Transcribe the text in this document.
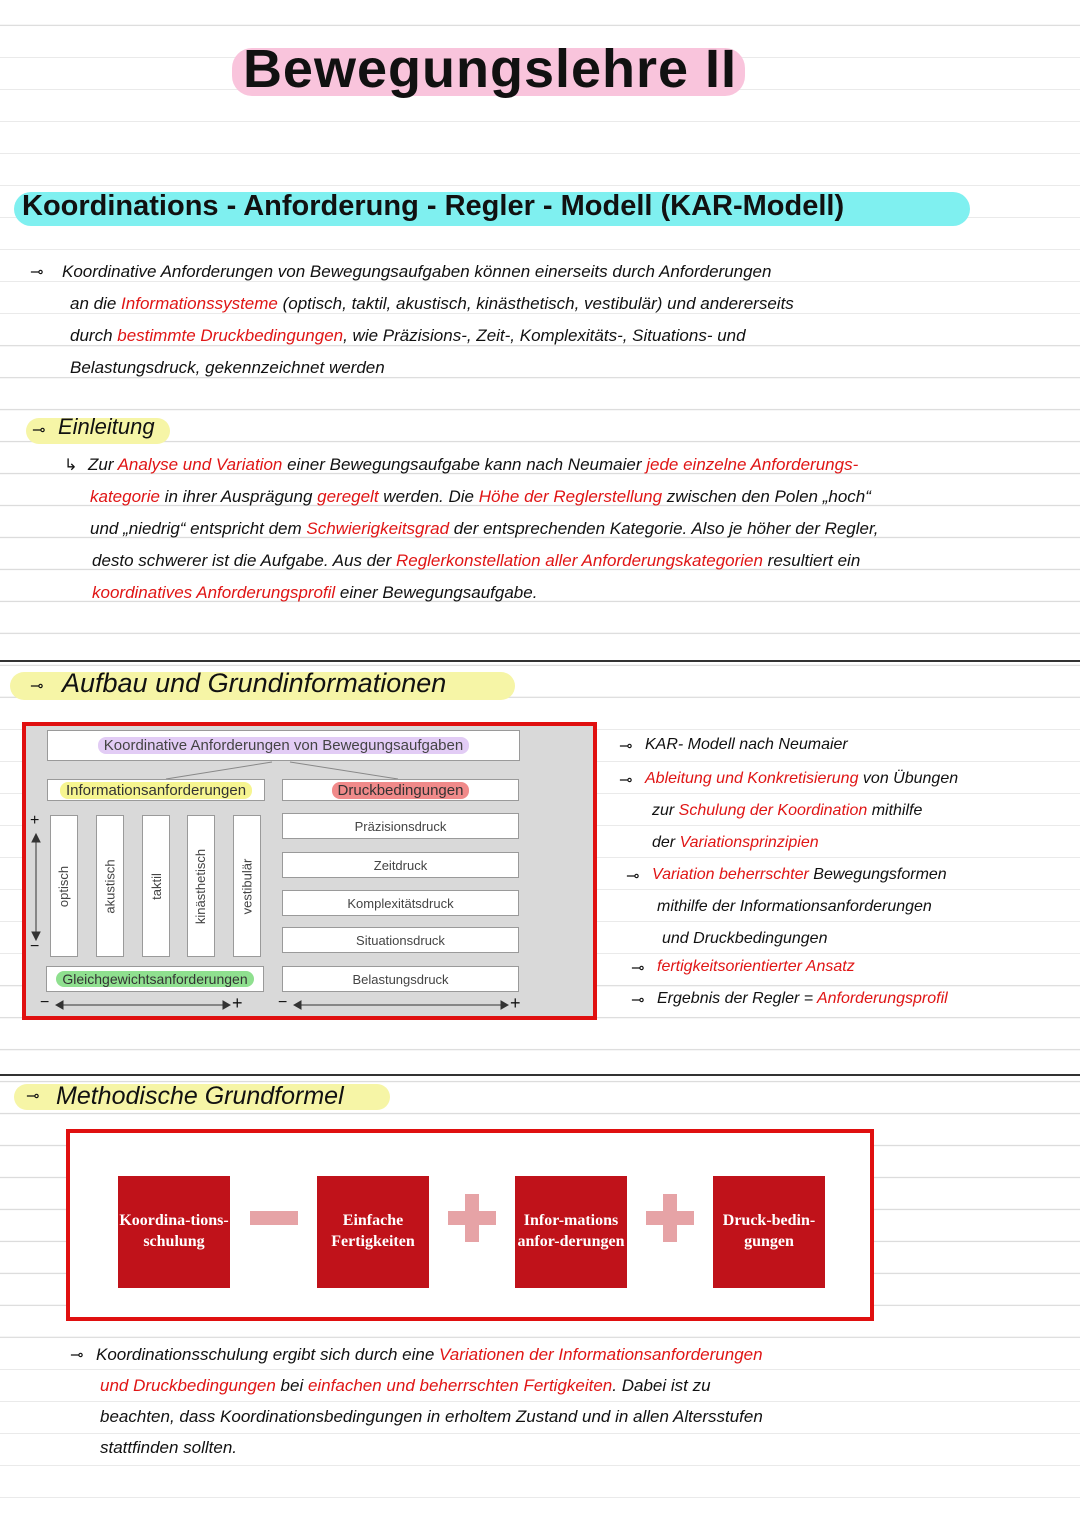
Bewegungslehre II
Koordinations - Anforderung - Regler - Modell (KAR-Modell)
⊸
⊸ Einleitung
↳
⊸ Aufbau und Grundinformationen
Koordinative Anforderungen von Bewegungsaufgaben
Informationsanforderungen	Druckbedingungen
optisch akustisch taktil kinästhetisch vestibulär
Präzisionsdruck
Zeitdruck
Komplexitätsdruck
Situationsdruck
Belastungsdruck
Gleichgewichtsanforderungen
+
−
−	+ −	+
⊸ Methodische Grundformel
Koordina-tions-schulung
Einfache Fertigkeiten
Infor-mations anfor-derungen
Druck-bedin-gungen
⊸
Koordinative Anforderungen von Bewegungsaufgaben können einerseits durch Anforderungen
an die Informationssysteme (optisch, taktil, akustisch, kinästhetisch, vestibulär) und andererseits
durch bestimmte Druckbedingungen, wie Präzisions-, Zeit-, Komplexitäts-, Situations- und
Belastungsdruck, gekennzeichnet werden
Zur Analyse und Variation einer Bewegungsaufgabe kann nach Neumaier jede einzelne Anforderungs-
kategorie in ihrer Ausprägung geregelt werden. Die Höhe der Reglerstellung zwischen den Polen „hoch“
und „niedrig“ entspricht dem Schwierigkeitsgrad der entsprechenden Kategorie. Also je höher der Regler,
desto schwerer ist die Aufgabe. Aus der Reglerkonstellation aller Anforderungskategorien resultiert ein
koordinatives Anforderungsprofil einer Bewegungsaufgabe.
⊸ KAR- Modell nach Neumaier
⊸ Ableitung und Konkretisierung von Übungen
zur Schulung der Koordination mithilfe
der Variationsprinzipien
⊸ Variation beherrschter Bewegungsformen
mithilfe der Informationsanforderungen
und Druckbedingungen
⊸ fertigkeitsorientierter Ansatz
⊸ Ergebnis der Regler = Anforderungsprofil
Koordinationsschulung ergibt sich durch eine Variationen der Informationsanforderungen
und Druckbedingungen bei einfachen und beherrschten Fertigkeiten. Dabei ist zu
beachten, dass Koordinationsbedingungen in erholtem Zustand und in allen Altersstufen
stattfinden sollten.
